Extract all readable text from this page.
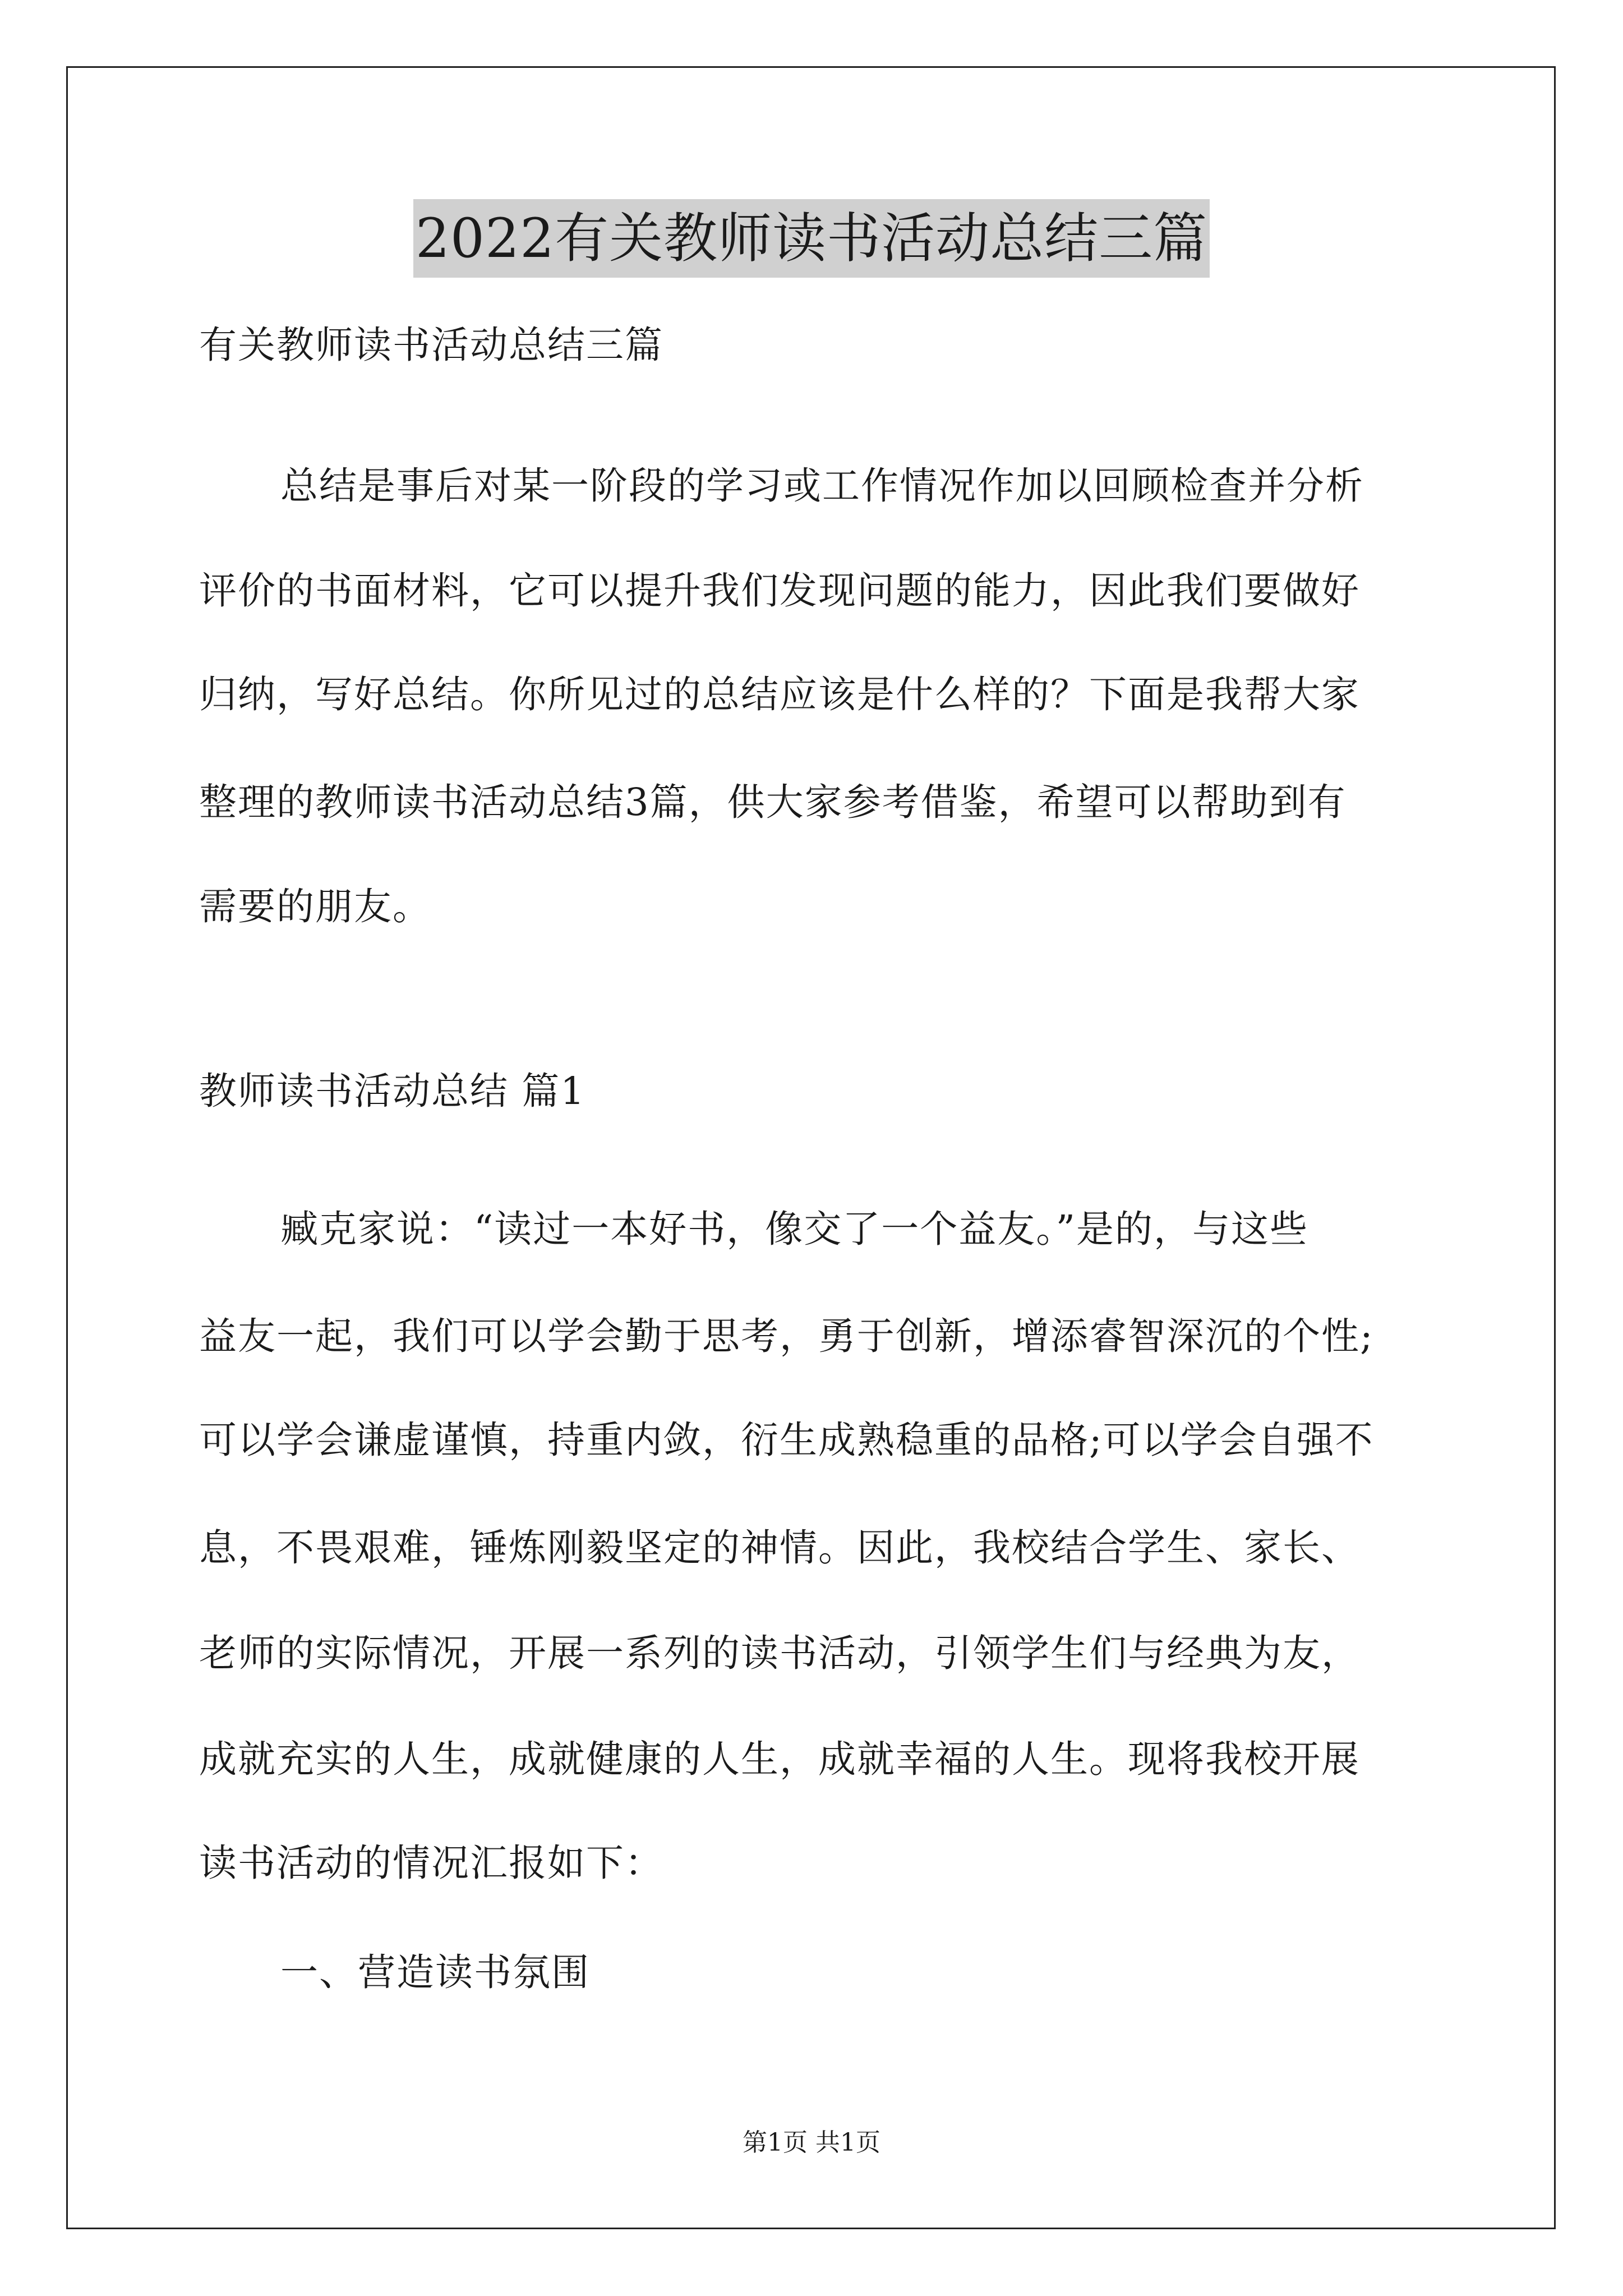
2022有关教师读书活动总结三篇
有关教师读书活动总结三篇
总结是事后对某一阶段的学习或工作情况作加以回顾检查并分析
评价的书面材料，它可以提升我们发现问题的能力，因此我们要做好
归纳，写好总结。你所见过的总结应该是什么样的？下面是我帮大家
整理的教师读书活动总结3篇，供大家参考借鉴，希望可以帮助到有
需要的朋友。
教师读书活动总结 篇1
臧克家说：“读过一本好书，像交了一个益友。”是的，与这些
益友一起，我们可以学会勤于思考，勇于创新，增添睿智深沉的个性;
可以学会谦虚谨慎，持重内敛，衍生成熟稳重的品格;可以学会自强不
息，不畏艰难，锤炼刚毅坚定的神情。因此，我校结合学生、家长、
老师的实际情况，开展一系列的读书活动，引领学生们与经典为友，
成就充实的人生，成就健康的人生，成就幸福的人生。现将我校开展
读书活动的情况汇报如下：
一、营造读书氛围
第1页 共1页
